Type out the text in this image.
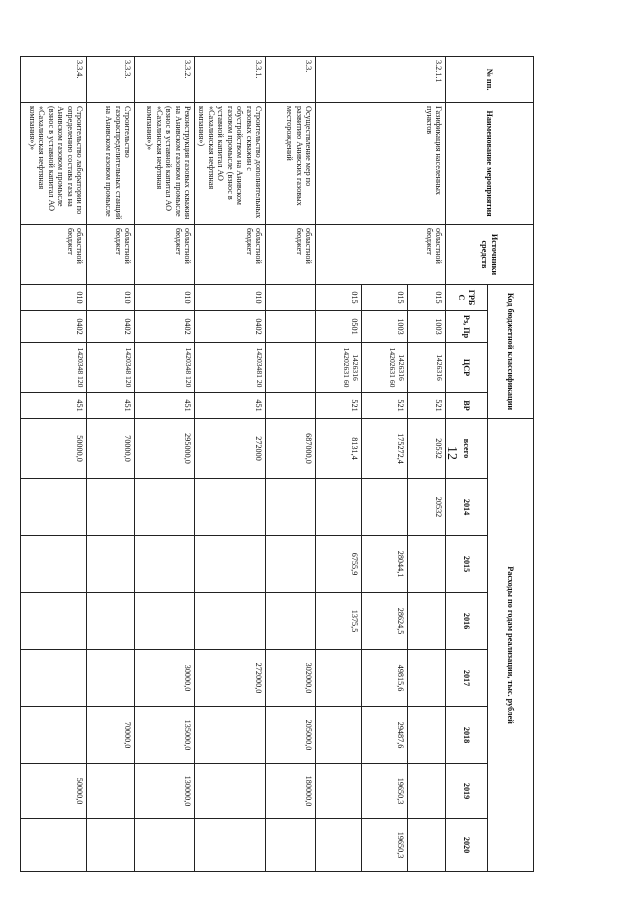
12
№ пп.	Наименование мероприятия	Источники средств	Код бюджетной классификации				Расходы по годам реализации, тыс. рублей							
			ГРБ С	Рз, Пр	ЦСР	ВР	всего	2014	2015	2016	2017	2018	2019	2020
3.2.1.1	Газификация населенных пунктов	областной бюджет	015	1003	1426316	521	20532	20532						
			015	1003	1426316 14202631 60	521	175272,4		28044,1	28624,5	49815,6	29487,6	19650,3	19650,3
			015	0501	1426316 14202631 60	521	8131,4		6755,9	1375,5				
3.3.	Осуществление мер по развитию Анивских газовых месторождений	областной бюджет					687000,0				302000,0	205000,0	180000,0	
3.3.1.	Строительство дополнительных газовых скважин с обустройством на Анивском газовом промысле (взнос в уставной капитал АО «Сахалинская нефтяная компания»)	областной бюджет	010	0402	14203481 20	451	272000				272000,0			
3.3.2.	Реконструкция газовых скважин на Анивском газовом промысле (взнос в уставной капитал АО «Сахалинская нефтяная компания»)»	областной бюджет	010	0402	1420348 120	451	295000,0				30000,0	135000,0	130000,0	
3.3.3.	Строительство газораспределительных станций на Анивском газовом промысле	областной бюджет	010	0402	1420348 120	451	70000,0					70000,0		
3.3.4.	Строительство лаборатории по определению состава газа на Анивском газовом промысле (взнос в уставной капитал АО «Сахалинская нефтяная компания»)»	областной бюджет	010	0402	1420348 120	451	50000,0						50000,0	
